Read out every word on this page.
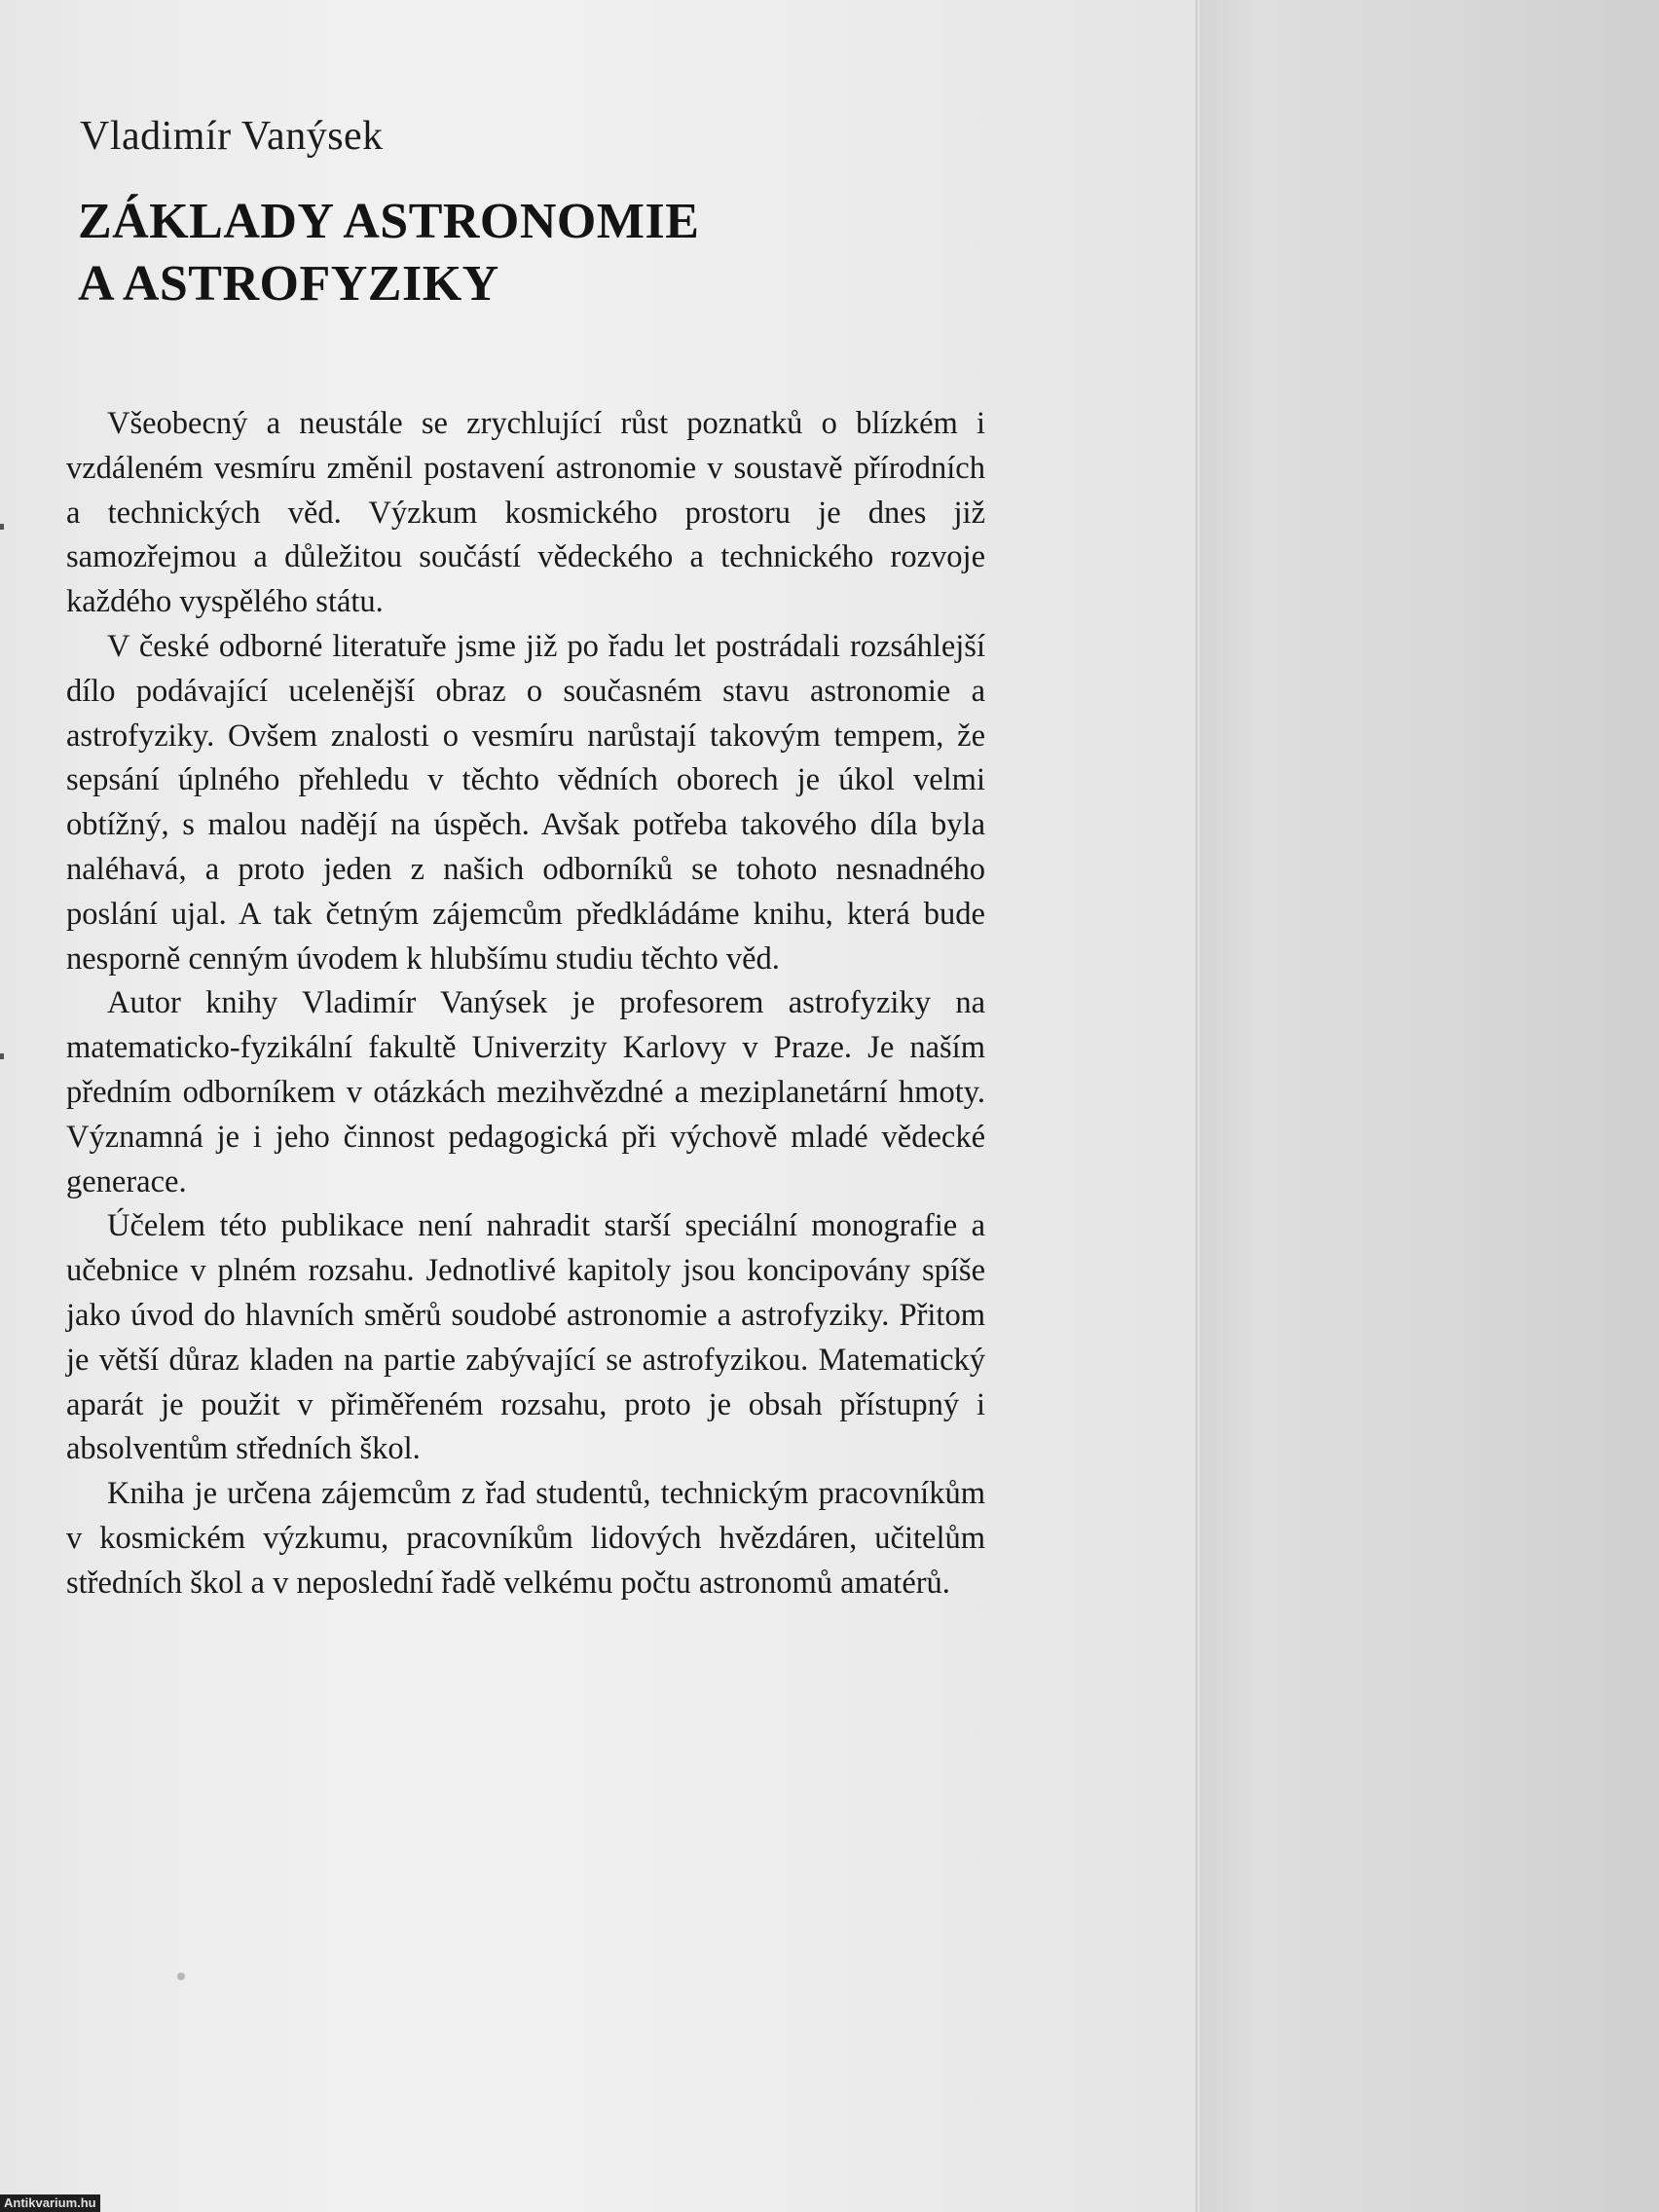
Vladimír Vanýsek
ZÁKLADY ASTRONOMIE
A ASTROFYZIKY

Všeobecný a neustále se zrychlující růst poznatků o blízkém i vzdáleném vesmíru změnil postavení astronomie v soustavě přírodních a technických věd. Výzkum kosmického prostoru je dnes již samozřejmou a důležitou součástí vědeckého a technického rozvoje každého vyspělého státu.

V české odborné literatuře jsme již po řadu let postrádali rozsáhlejší dílo podávající ucelenější obraz o současném stavu astronomie a astrofyziky. Ovšem znalosti o vesmíru narůstají takovým tempem, že sepsání úplného přehledu v těchto vědních oborech je úkol velmi obtížný, s malou nadějí na úspěch. Avšak potřeba takového díla byla naléhavá, a proto jeden z našich odborníků se tohoto nesnadného poslání ujal. A tak četným zájemcům předkládáme knihu, která bude nesporně cenným úvodem k hlubšímu studiu těchto věd.

Autor knihy Vladimír Vanýsek je profesorem astrofyziky na matematicko-fyzikální fakultě Univerzity Karlovy v Praze. Je naším předním odborníkem v otázkách mezihvězdné a meziplanetární hmoty. Významná je i jeho činnost pedagogická při výchově mladé vědecké generace.

Účelem této publikace není nahradit starší speciální monografie a učebnice v plném rozsahu. Jednotlivé kapitoly jsou koncipovány spíše jako úvod do hlavních směrů soudobé astronomie a astrofyziky. Přitom je větší důraz kladen na partie zabývající se astrofyzikou. Matematický aparát je použit v přiměřeném rozsahu, proto je obsah přístupný i absolventům středních škol.

Kniha je určena zájemcům z řad studentů, technickým pracovníkům v kosmickém výzkumu, pracovníkům lidových hvězdáren, učitelům středních škol a v neposlední řadě velkému počtu astronomů amatérů.

Antikvarium.hu
